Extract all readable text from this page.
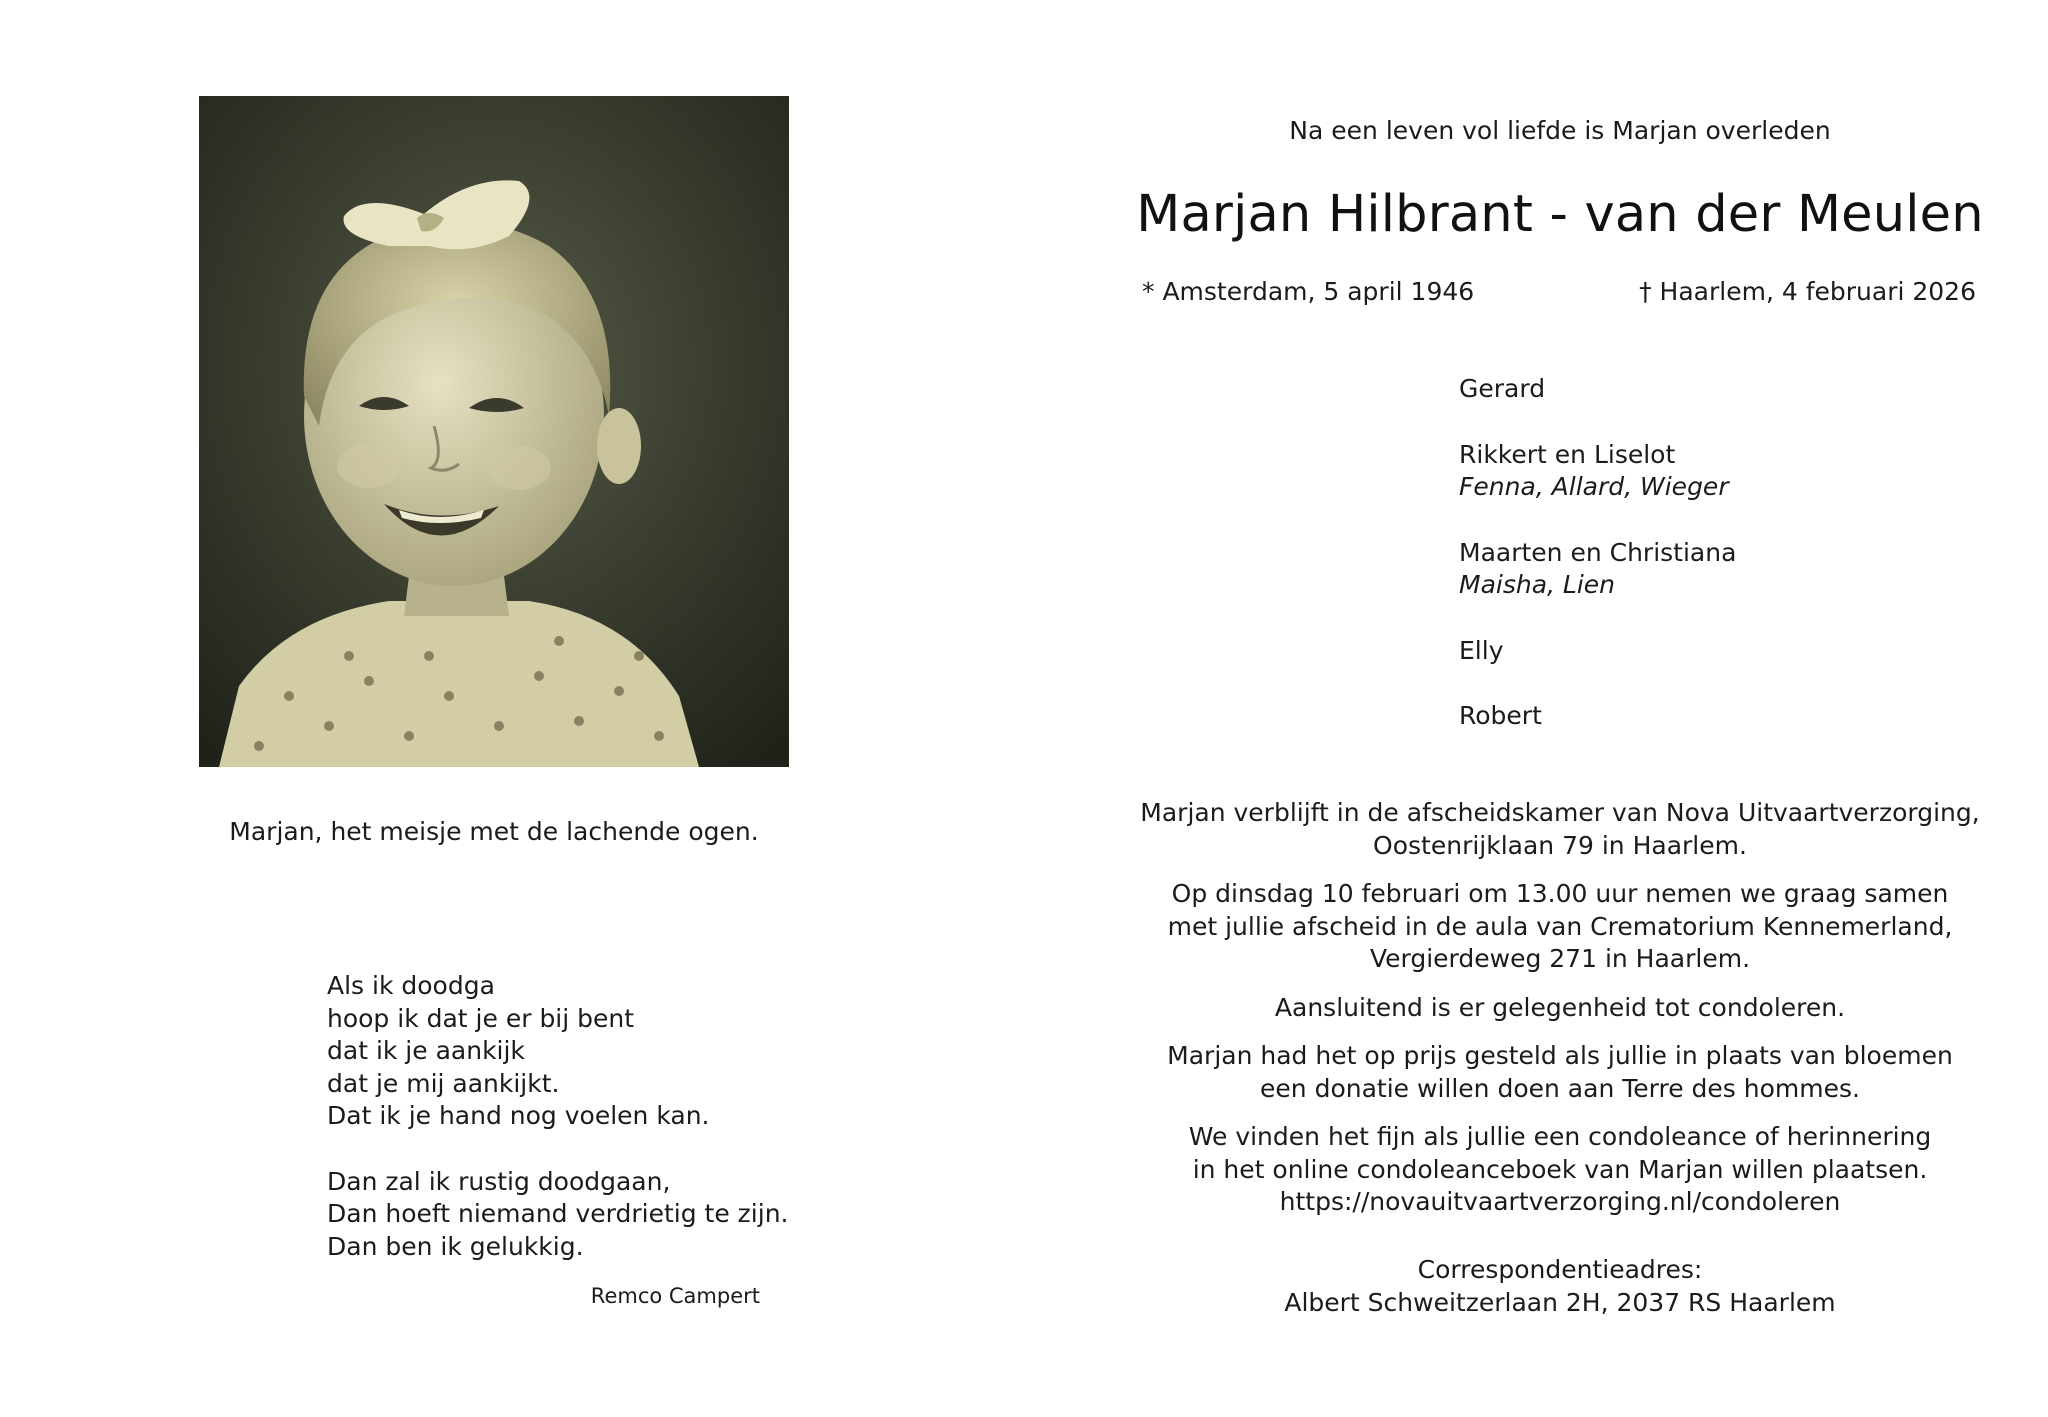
Marjan, het meisje met de lachende ogen.
Als ik doodga
hoop ik dat je er bij bent
dat ik je aankijk
dat je mij aankijkt.
Dat ik je hand nog voelen kan.
Dan zal ik rustig doodgaan,
Dan hoeft niemand verdrietig te zijn.
Dan ben ik gelukkig.
Remco Campert
Na een leven vol liefde is Marjan overleden
Marjan Hilbrant - van der Meulen
* Amsterdam, 5 april 1946	† Haarlem, 4 februari 2026
Gerard
Rikkert en Liselot
Fenna, Allard, Wieger
Maarten en Christiana
Maisha, Lien
Elly
Robert
Marjan verblijft in de afscheidskamer van Nova Uitvaartverzorging,
Oostenrijklaan 79 in Haarlem.
Op dinsdag 10 februari om 13.00 uur nemen we graag samen
met jullie afscheid in de aula van Crematorium Kennemerland,
Vergierdeweg 271 in Haarlem.
Aansluitend is er gelegenheid tot condoleren.
Marjan had het op prijs gesteld als jullie in plaats van bloemen
een donatie willen doen aan Terre des hommes.
We vinden het fijn als jullie een condoleance of herinnering
in het online condoleanceboek van Marjan willen plaatsen.
https://novauitvaartverzorging.nl/condoleren
Correspondentieadres:
Albert Schweitzerlaan 2H, 2037 RS Haarlem
